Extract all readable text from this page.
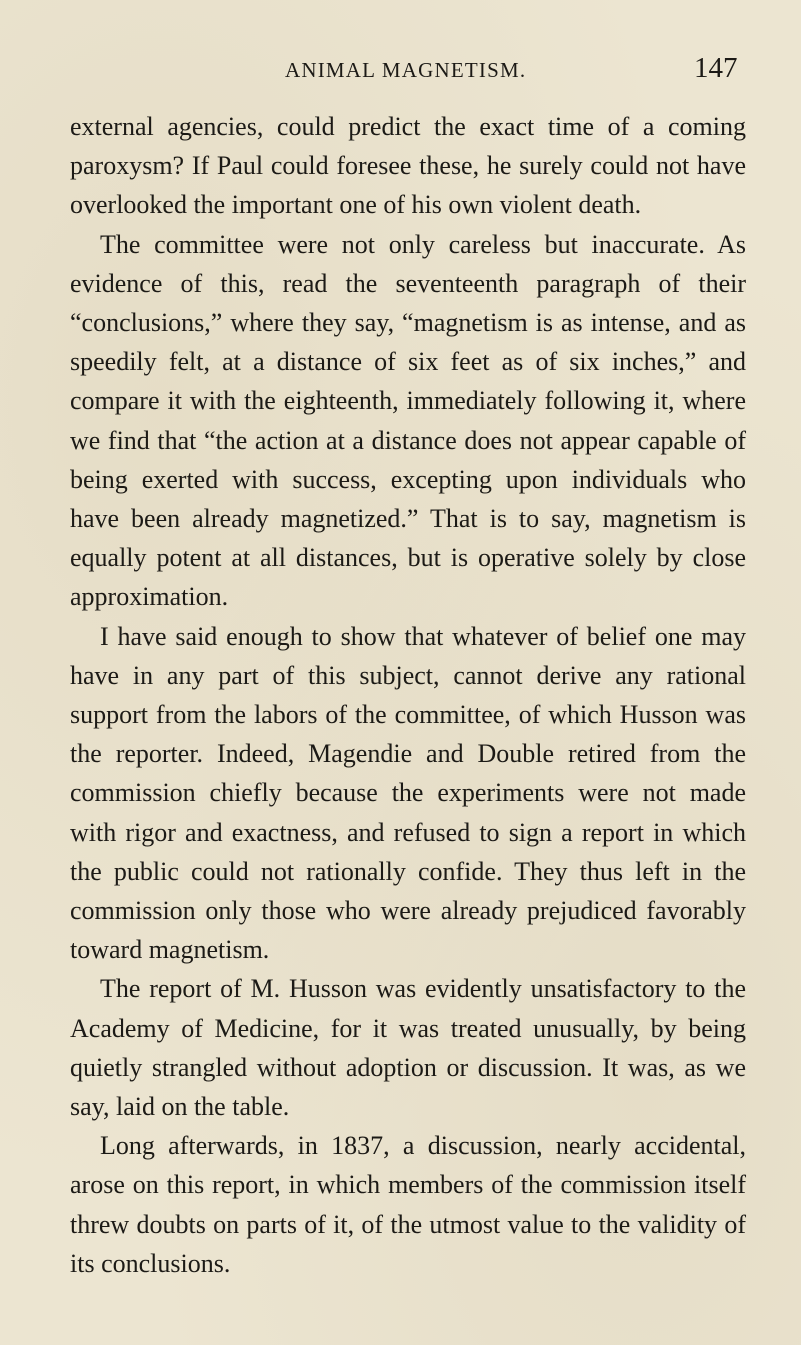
ANIMAL MAGNETISM.	147

external agencies, could predict the exact time of a coming paroxysm? If Paul could foresee these, he surely could not have overlooked the important one of his own violent death.

The committee were not only careless but inaccurate. As evidence of this, read the seventeenth paragraph of their “conclusions,” where they say, “magnetism is as intense, and as speedily felt, at a distance of six feet as of six inches,” and compare it with the eighteenth, immediately following it, where we find that “the action at a distance does not appear capable of being exerted with success, excepting upon individuals who have been already magnetized.” That is to say, magnetism is equally potent at all distances, but is operative solely by close approximation.

I have said enough to show that whatever of belief one may have in any part of this subject, cannot derive any rational support from the labors of the committee, of which Husson was the reporter. Indeed, Magendie and Double retired from the commission chiefly because the experiments were not made with rigor and exactness, and refused to sign a report in which the public could not rationally confide. They thus left in the commission only those who were already prejudiced favorably toward magnetism.

The report of M. Husson was evidently unsatisfactory to the Academy of Medicine, for it was treated unusually, by being quietly strangled without adoption or discussion. It was, as we say, laid on the table.

Long afterwards, in 1837, a discussion, nearly accidental, arose on this report, in which members of the commission itself threw doubts on parts of it, of the utmost value to the validity of its conclusions.
